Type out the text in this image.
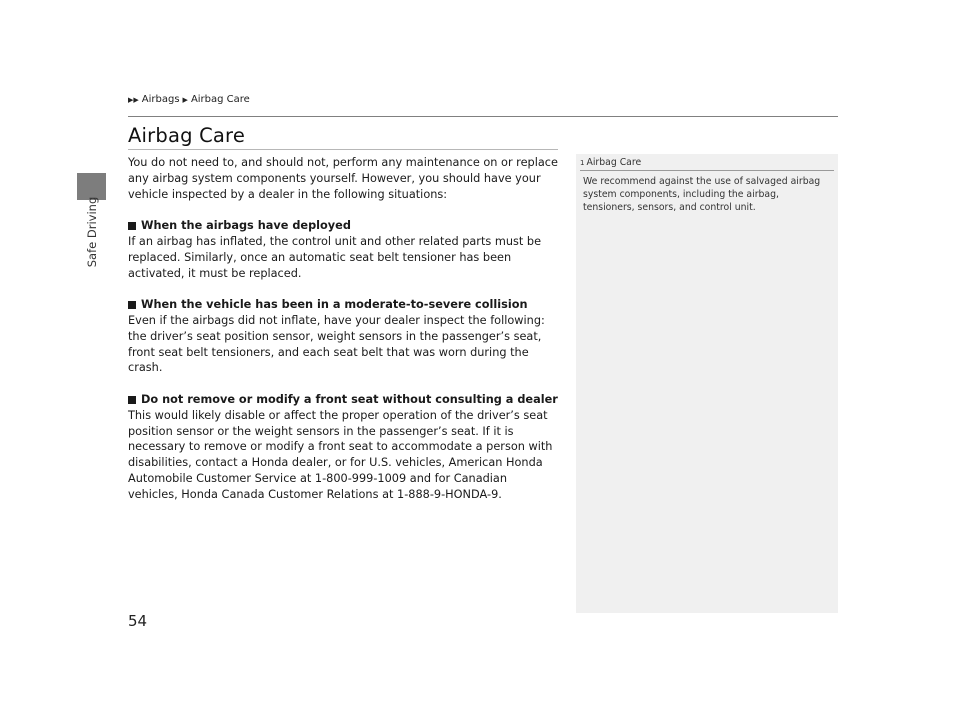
Safe Driving
▶▶ Airbags ▶ Airbag Care
Airbag Care

You do not need to, and should not, perform any maintenance on or replace any airbag system components yourself. However, you should have your vehicle inspected by a dealer in the following situations:

When the airbags have deployed
If an airbag has inflated, the control unit and other related parts must be replaced. Similarly, once an automatic seat belt tensioner has been activated, it must be replaced.
When the vehicle has been in a moderate-to-severe collision
Even if the airbags did not inflate, have your dealer inspect the following: the driver’s seat position sensor, weight sensors in the passenger’s seat, front seat belt tensioners, and each seat belt that was worn during the crash.
Do not remove or modify a front seat without consulting a dealer
This would likely disable or affect the proper operation of the driver’s seat position sensor or the weight sensors in the passenger’s seat. If it is necessary to remove or modify a front seat to accommodate a person with disabilities, contact a Honda dealer, or for U.S. vehicles, American Honda Automobile Customer Service at 1-800-999-1009 and for Canadian vehicles, Honda Canada Customer Relations at 1-888-9-HONDA-9.
1 Airbag Care
We recommend against the use of salvaged airbag system components, including the airbag, tensioners, sensors, and control unit.
54
